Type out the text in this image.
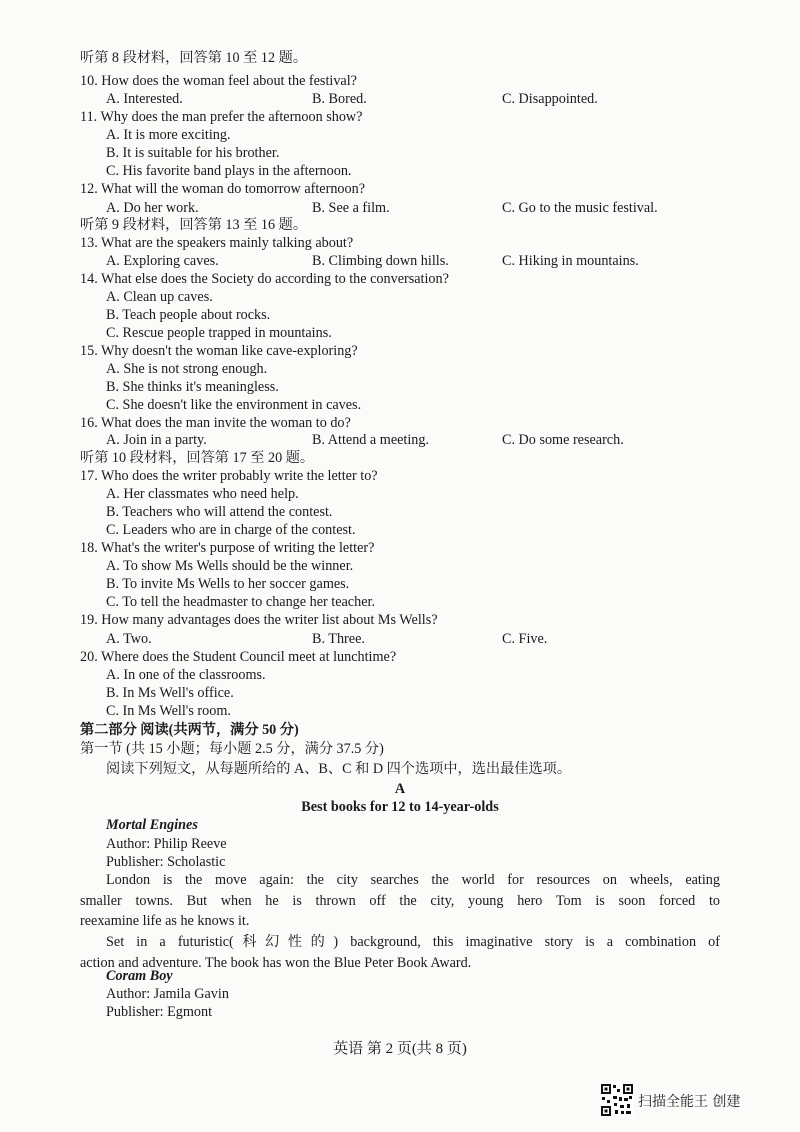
听第 8 段材料，回答第 10 至 12 题。
10. How does the woman feel about the festival?
A. Interested.	B. Bored.	C. Disappointed.
11. Why does the man prefer the afternoon show?
A. It is more exciting.
B. It is suitable for his brother.
C. His favorite band plays in the afternoon.
12. What will the woman do tomorrow afternoon?
A. Do her work.	B. See a film.	C. Go to the music festival.
听第 9 段材料，回答第 13 至 16 题。
13. What are the speakers mainly talking about?
A. Exploring caves.	B. Climbing down hills.	C. Hiking in mountains.
14. What else does the Society do according to the conversation?
A. Clean up caves.
B. Teach people about rocks.
C. Rescue people trapped in mountains.
15. Why doesn't the woman like cave-exploring?
A. She is not strong enough.
B. She thinks it's meaningless.
C. She doesn't like the environment in caves.
16. What does the man invite the woman to do?
A. Join in a party.	B. Attend a meeting.	C. Do some research.
听第 10 段材料，回答第 17 至 20 题。
17. Who does the writer probably write the letter to?
A. Her classmates who need help.
B. Teachers who will attend the contest.
C. Leaders who are in charge of the contest.
18. What's the writer's purpose of writing the letter?
A. To show Ms Wells should be the winner.
B. To invite Ms Wells to her soccer games.
C. To tell the headmaster to change her teacher.
19. How many advantages does the writer list about Ms Wells?
A. Two.	B. Three.	C. Five.
20. Where does the Student Council meet at lunchtime?
A. In one of the classrooms.
B. In Ms Well's office.
C. In Ms Well's room.
第二部分 阅读(共两节，满分 50 分)
第一节 (共 15 小题；每小题 2.5 分，满分 37.5 分)
阅读下列短文，从每题所给的 A、B、C 和 D 四个选项中，选出最佳选项。
A
Best books for 12 to 14-year-olds
Mortal Engines
Author: Philip Reeve
Publisher: Scholastic
London is the move again: the city searches the world for resources on wheels, eating
smaller towns. But when he is thrown off the city, young hero Tom is soon forced to
reexamine life as he knows it.
Set in a futuristic(科幻性的) background, this imaginative story is a combination of
action and adventure. The book has won the Blue Peter Book Award.
Coram Boy
Author: Jamila Gavin
Publisher: Egmont
英语 第 2 页(共 8 页)
扫描全能王 创建
